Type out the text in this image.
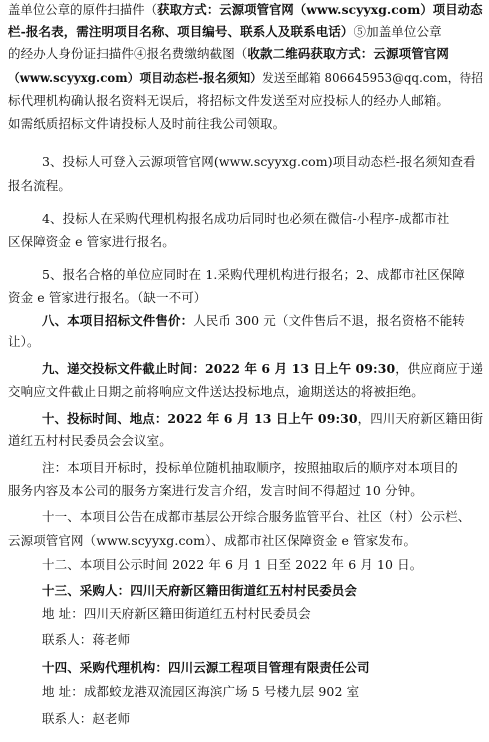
盖单位公章的原件扫描件（获取方式：云源项管官网（www.scyyxg.com）项目动态
栏-报名表，需注明项目名称、项目编号、联系人及联系电话）⑤加盖单位公章
的经办人身份证扫描件④报名费缴纳截图（收款二维码获取方式：云源项管官网
（www.scyyxg.com）项目动态栏-报名须知）发送至邮箱 806645953@qq.com，待招
标代理机构确认报名资料无误后，将招标文件发送至对应投标人的经办人邮箱。
如需纸质招标文件请投标人及时前往我公司领取。
3、投标人可登入云源项管官网(www.scyyxg.com)项目动态栏-报名须知查看
报名流程。
4、投标人在采购代理机构报名成功后同时也必须在微信-小程序-成都市社
区保障资金 e 管家进行报名。
5、报名合格的单位应同时在 1.采购代理机构进行报名；2、成都市社区保障
资金 e 管家进行报名。（缺一不可）
八、本项目招标文件售价：人民币 300 元（文件售后不退，报名资格不能转
让）。
九、递交投标文件截止时间：2022 年 6 月 13 日上午 09:30，供应商应于递
交响应文件截止日期之前将响应文件送达投标地点，逾期送达的将被拒绝。
十、投标时间、地点：2022 年 6 月 13 日上午 09:30，四川天府新区籍田街
道红五村村民委员会会议室。
注：本项目开标时，投标单位随机抽取顺序，按照抽取后的顺序对本项目的
服务内容及本公司的服务方案进行发言介绍，发言时间不得超过 10 分钟。
十一、本项目公告在成都市基层公开综合服务监管平台、社区（村）公示栏、
云源项管官网（www.scyyxg.com）、成都市社区保障资金 e 管家发布。
十二、本项目公示时间 2022 年 6 月 1 日至 2022 年 6 月 10 日。
十三、采购人：四川天府新区籍田街道红五村村民委员会
地 址：四川天府新区籍田街道红五村村民委员会
联系人：蒋老师
十四、采购代理机构：四川云源工程项目管理有限责任公司
地 址：成都蛟龙港双流园区海滨广场 5 号楼九层 902 室
联系人：赵老师
